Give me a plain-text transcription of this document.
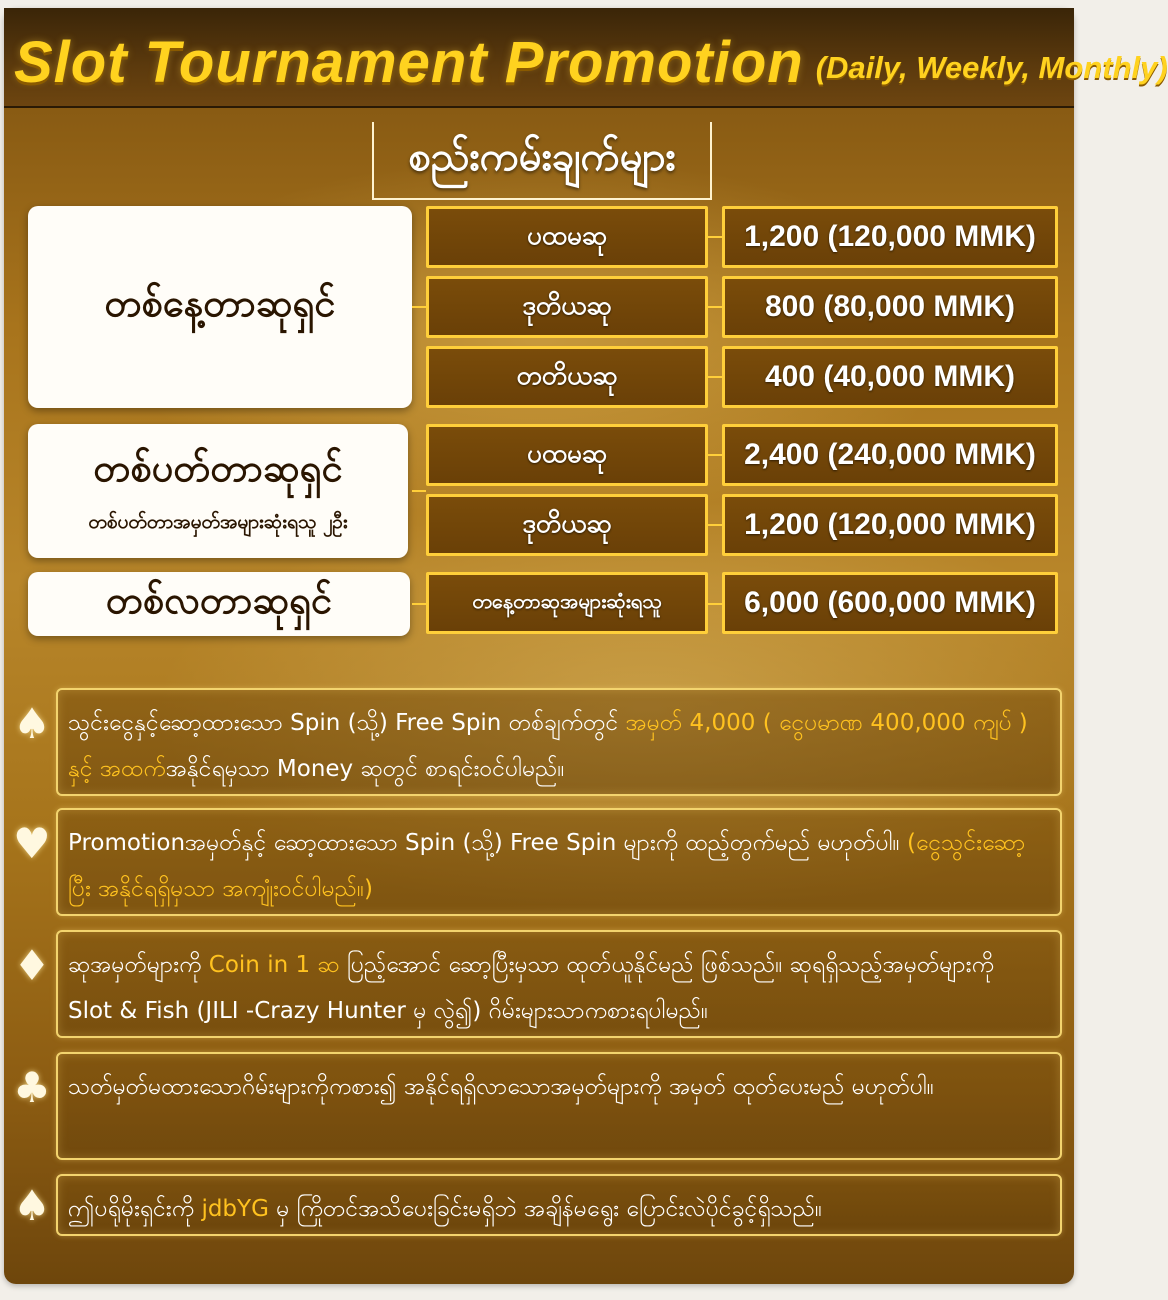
Slot Tournament Promotion (Daily, Weekly, Monthly)
စည်းကမ်းချက်များ
တစ်နေ့တာဆုရှင်
ပထမဆု	1,200 (120,000 MMK)
ဒုတိယဆု	800 (80,000 MMK)
တတိယဆု	400 (40,000 MMK)
တစ်ပတ်တာဆုရှင်
တစ်ပတ်တာအမှတ်အများဆုံးရသူ ၂ဦး
ပထမဆု	2,400 (240,000 MMK)
ဒုတိယဆု	1,200 (120,000 MMK)
တစ်လတာဆုရှင်	တနေ့တာဆုအများဆုံးရသူ	6,000 (600,000 MMK)
♠ သွင်းငွေနှင့်ဆော့ထားသော Spin (သို့) Free Spin တစ်ချက်တွင် အမှတ် 4,000 ( ငွေပမာဏ 400,000 ကျပ် ) နှင့် အထက်အနိုင်ရမှသာ Money ဆုတွင် စာရင်းဝင်ပါမည်။
♥ Promotionအမှတ်နှင့် ဆော့ထားသော Spin (သို့) Free Spin များကို ထည့်တွက်မည် မဟုတ်ပါ။ (ငွေသွင်းဆော့ပြီး အနိုင်ရရှိမှသာ အကျုံးဝင်ပါမည်။)
♦ ဆုအမှတ်များကို Coin in 1 ဆ ပြည့်အောင် ဆော့ပြီးမှသာ ထုတ်ယူနိုင်မည် ဖြစ်သည်။ ဆုရရှိသည့်အမှတ်များကို Slot & Fish (JILI -Crazy Hunter မှ လွဲ၍) ဂိမ်းများသာကစားရပါမည်။
♣ သတ်မှတ်မထားသောဂိမ်းများကိုကစား၍ အနိုင်ရရှိလာသောအမှတ်များကို အမှတ် ထုတ်ပေးမည် မဟုတ်ပါ။
♠ ဤပရိုမိုးရှင်းကို jdbYG မှ ကြိုတင်အသိပေးခြင်းမရှိဘဲ အချိန်မရွေး ပြောင်းလဲပိုင်ခွင့်ရှိသည်။
